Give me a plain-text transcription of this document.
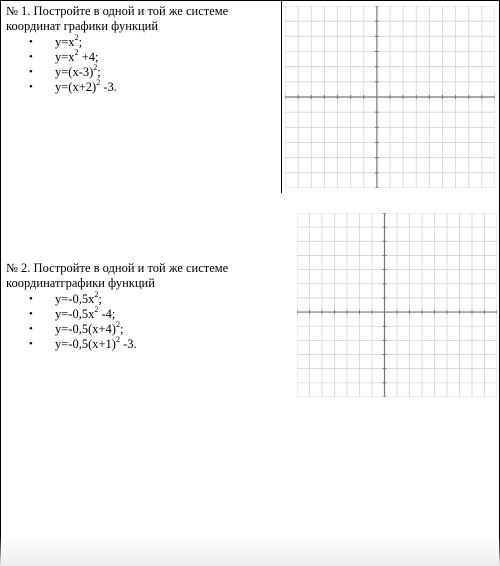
№ 1. Постройте в одной и той же системе

координат графики функций

• $y=x^2$;
• $y=x^2 +4$;
• $y=(x-3)^2$;
• $y=(x+2)^2$ -3.

№ 2. Постройте в одной и той же системе

координатграфики функций

• $y=-0,5x^2$;
• $y=-0,5x^2$ -4;
• $y=-0,5(x+4)^2$;
• $y=-0,5(x+1)^2$ -3.
